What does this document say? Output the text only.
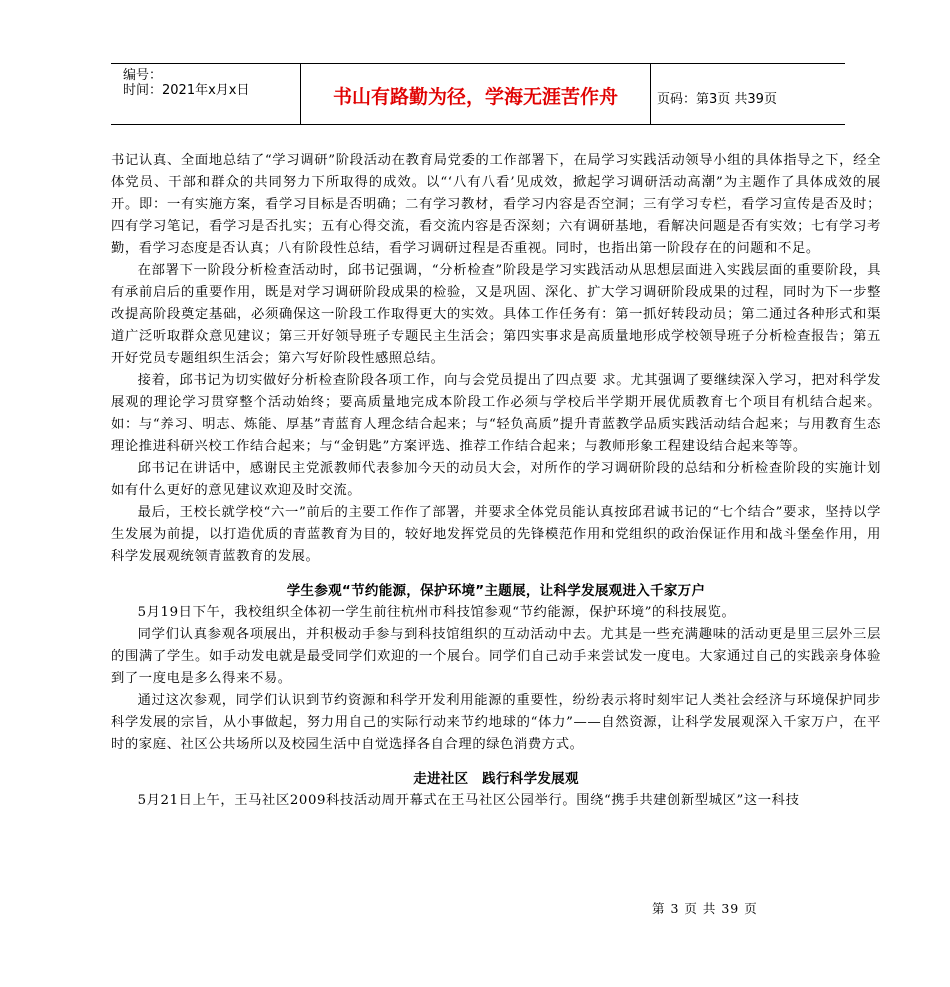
编号：
时间：2021年x月x日	书山有路勤为径，学海无涯苦作舟	页码：第3页 共39页

书记认真、全面地总结了“学习调研”阶段活动在教育局党委的工作部署下，在局学习实践活动领导小组的具体指导之下，经全体党员、干部和群众的共同努力下所取得的成效。以“‘八有八看’见成效，掀起学习调研活动高潮”为主题作了具体成效的展开。即：一有实施方案，看学习目标是否明确；二有学习教材，看学习内容是否空洞；三有学习专栏，看学习宣传是否及时；四有学习笔记，看学习是否扎实；五有心得交流，看交流内容是否深刻；六有调研基地，看解决问题是否有实效；七有学习考勤，看学习态度是否认真；八有阶段性总结，看学习调研过程是否重视。同时，也指出第一阶段存在的问题和不足。

在部署下一阶段分析检查活动时，邱书记强调，“分析检查”阶段是学习实践活动从思想层面进入实践层面的重要阶段，具有承前启后的重要作用，既是对学习调研阶段成果的检验，又是巩固、深化、扩大学习调研阶段成果的过程，同时为下一步整改提高阶段奠定基础，必须确保这一阶段工作取得更大的实效。具体工作任务有：第一抓好转段动员；第二通过各种形式和渠道广泛听取群众意见建议；第三开好领导班子专题民主生活会；第四实事求是高质量地形成学校领导班子分析检查报告；第五开好党员专题组织生活会；第六写好阶段性感照总结。

接着，邱书记为切实做好分析检查阶段各项工作，向与会党员提出了四点要 求。尤其强调了要继续深入学习，把对科学发展观的理论学习贯穿整个活动始终；要高质量地完成本阶段工作必须与学校后半学期开展优质教育七个项目有机结合起来。如：与“养习、明志、炼能、厚基”青蓝育人理念结合起来；与“轻负高质”提升青蓝教学品质实践活动结合起来；与用教育生态理论推进科研兴校工作结合起来；与“金钥匙”方案评选、推荐工作结合起来；与教师形象工程建设结合起来等等。

邱书记在讲话中，感谢民主党派教师代表参加今天的动员大会，对所作的学习调研阶段的总结和分析检查阶段的实施计划如有什么更好的意见建议欢迎及时交流。

最后，王校长就学校“六一”前后的主要工作作了部署，并要求全体党员能认真按邱君诚书记的“七个结合”要求，坚持以学生发展为前提，以打造优质的青蓝教育为目的，较好地发挥党员的先锋模范作用和党组织的政治保证作用和战斗堡垒作用，用科学发展观统领青蓝教育的发展。

学生参观“节约能源，保护环境”主题展，让科学发展观进入千家万户

5月19日下午，我校组织全体初一学生前往杭州市科技馆参观“节约能源，保护环境”的科技展览。

同学们认真参观各项展出，并积极动手参与到科技馆组织的互动活动中去。尤其是一些充满趣味的活动更是里三层外三层的围满了学生。如手动发电就是最受同学们欢迎的一个展台。同学们自己动手来尝试发一度电。大家通过自己的实践亲身体验到了一度电是多么得来不易。

通过这次参观，同学们认识到节约资源和科学开发利用能源的重要性，纷纷表示将时刻牢记人类社会经济与环境保护同步科学发展的宗旨，从小事做起，努力用自己的实际行动来节约地球的“体力”——自然资源，让科学发展观深入千家万户，在平时的家庭、社区公共场所以及校园生活中自觉选择各自合理的绿色消费方式。

走进社区　践行科学发展观

5月21日上午，王马社区2009科技活动周开幕式在王马社区公园举行。围绕“携手共建创新型城区”这一科技

第 3 页 共 39 页
